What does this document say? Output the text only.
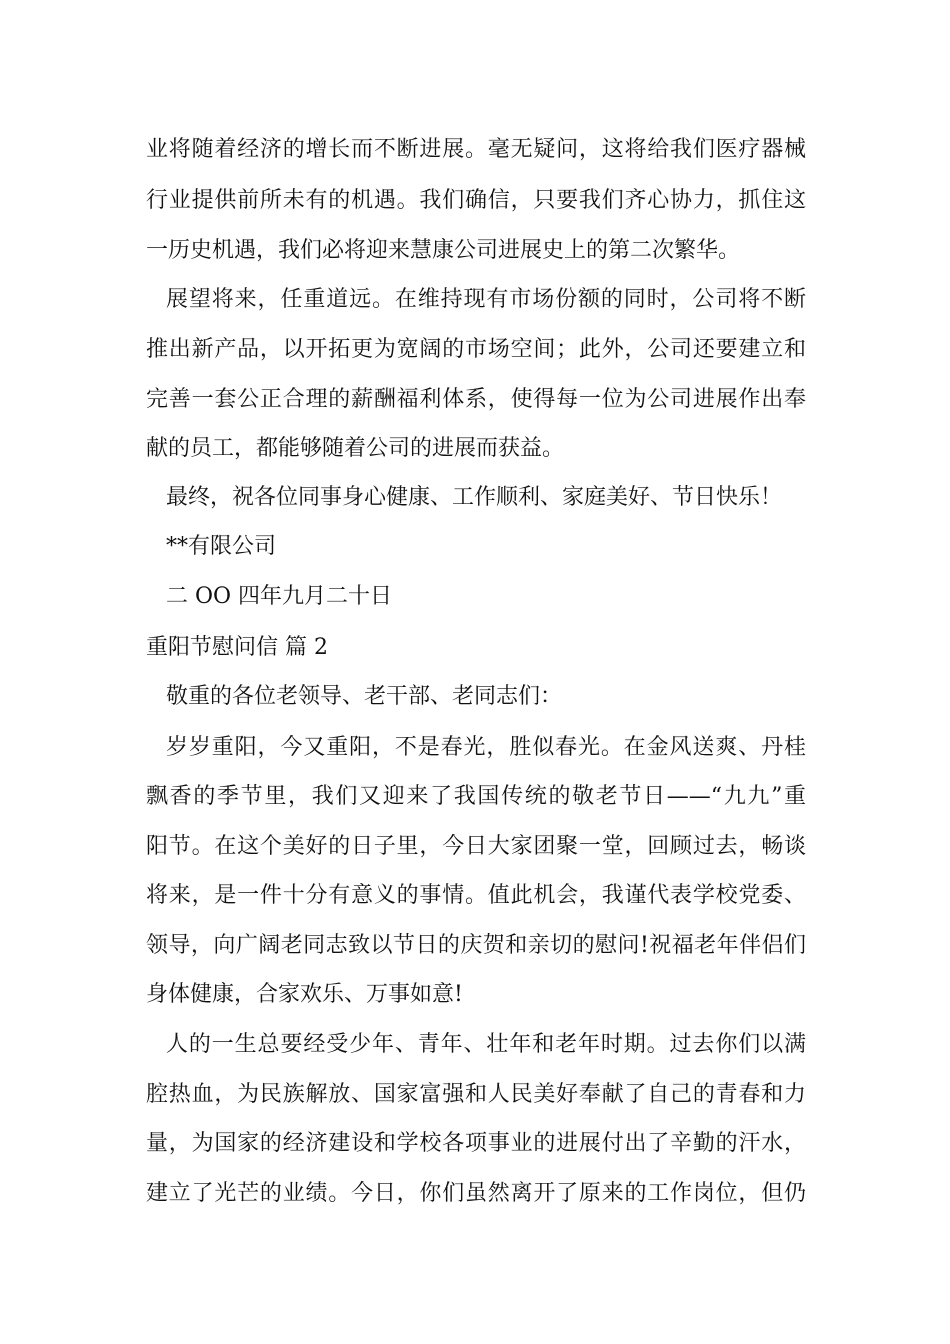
业将随着经济的增长而不断进展。毫无疑问，这将给我们医疗器械
行业提供前所未有的机遇。我们确信，只要我们齐心协力，抓住这
一历史机遇，我们必将迎来慧康公司进展史上的第二次繁华。
展望将来，任重道远。在维持现有市场份额的同时，公司将不断
推出新产品，以开拓更为宽阔的市场空间；此外，公司还要建立和
完善一套公正合理的薪酬福利体系，使得每一位为公司进展作出奉
献的员工，都能够随着公司的进展而获益。
最终，祝各位同事身心健康、工作顺利、家庭美好、节日快乐！
**有限公司
二 OO 四年九月二十日
重阳节慰问信 篇 2
敬重的各位老领导、老干部、老同志们：
岁岁重阳，今又重阳，不是春光，胜似春光。在金风送爽、丹桂
飘香的季节里，我们又迎来了我国传统的敬老节日——“九九”重
阳节。在这个美好的日子里，今日大家团聚一堂，回顾过去，畅谈
将来，是一件十分有意义的事情。值此机会，我谨代表学校党委、
领导，向广阔老同志致以节日的庆贺和亲切的慰问!祝福老年伴侣们
身体健康，合家欢乐、万事如意!
人的一生总要经受少年、青年、壮年和老年时期。过去你们以满
腔热血，为民族解放、国家富强和人民美好奉献了自己的青春和力
量，为国家的经济建设和学校各项事业的进展付出了辛勤的汗水，
建立了光芒的业绩。今日，你们虽然离开了原来的工作岗位，但仍
